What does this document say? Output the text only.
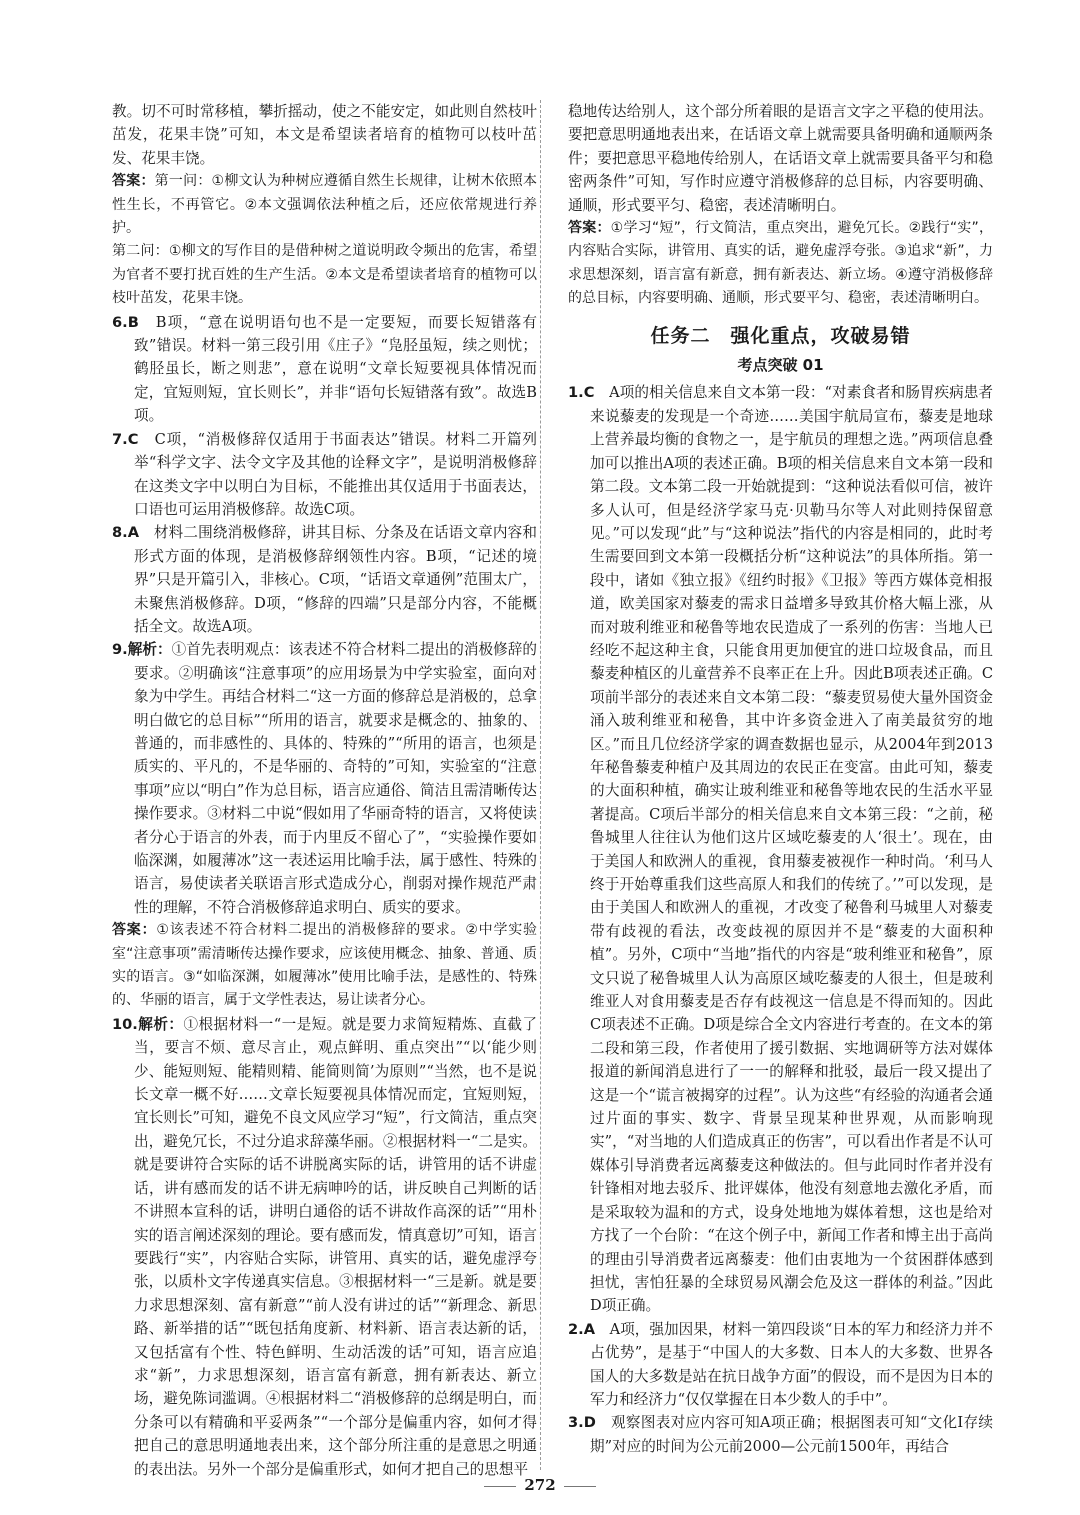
教。切不可时常移植，攀折摇动，使之不能安定，如此则自然枝叶茁发，花果丰饶”可知，本文是希望读者培育的植物可以枝叶茁发、花果丰饶。

答案：第一问：①柳文认为种树应遵循自然生长规律，让树木依照本性生长，不再管它。②本文强调依法种植之后，还应依常规进行养护。

第二问：①柳文的写作目的是借种树之道说明政令频出的危害，希望为官者不要打扰百姓的生产生活。②本文是希望读者培育的植物可以枝叶茁发，花果丰饶。

6.B　 B项，“意在说明语句也不是一定要短，而要长短错落有致”错误。材料一第三段引用《庄子》“凫胫虽短，续之则忧；鹤胫虽长，断之则悲”，意在说明“文章长短要视具体情况而定，宜短则短，宜长则长”，并非“语句长短错落有致”。故选B项。

7.C　 C项，“消极修辞仅适用于书面表达”错误。材料二开篇列举“科学文字、法令文字及其他的诠释文字”，是说明消极修辞在这类文字中以明白为目标，不能推出其仅适用于书面表达，口语也可运用消极修辞。故选C项。

8.A　 材料二围绕消极修辞，讲其目标、分条及在话语文章内容和形式方面的体现，是消极修辞纲领性内容。B项，“记述的境界”只是开篇引入，非核心。C项，“话语文章通例”范围太广，未聚焦消极修辞。D项，“修辞的四端”只是部分内容，不能概括全文。故选A项。

9.解析：①首先表明观点：该表述不符合材料二提出的消极修辞的要求。②明确该“注意事项”的应用场景为中学实验室，面向对象为中学生。再结合材料二“这一方面的修辞总是消极的，总拿明白做它的总目标”“所用的语言，就要求是概念的、抽象的、普通的，而非感性的、具体的、特殊的”“所用的语言，也须是质实的、平凡的，不是华丽的、奇特的”可知，实验室的“注意事项”应以“明白”作为总目标，语言应通俗、简洁且需清晰传达操作要求。③材料二中说“假如用了华丽奇特的语言，又将使读者分心于语言的外表，而于内里反不留心了”，“实验操作要如临深渊，如履薄冰”这一表述运用比喻手法，属于感性、特殊的语言，易使读者关联语言形式造成分心，削弱对操作规范严肃性的理解，不符合消极修辞追求明白、质实的要求。

答案：①该表述不符合材料二提出的消极修辞的要求。②中学实验室“注意事项”需清晰传达操作要求，应该使用概念、抽象、普通、质实的语言。③“如临深渊，如履薄冰”使用比喻手法，是感性的、特殊的、华丽的语言，属于文学性表达，易让读者分心。

10.解析：①根据材料一“一是短。就是要力求简短精炼、直截了当，要言不烦、意尽言止，观点鲜明、重点突出”“以‘能少则少、能短则短、能精则精、能简则简’为原则”“当然，也不是说长文章一概不好……文章长短要视具体情况而定，宜短则短，宜长则长”可知，避免不良文风应学习“短”，行文简洁，重点突出，避免冗长，不过分追求辞藻华丽。②根据材料一“二是实。就是要讲符合实际的话不讲脱离实际的话，讲管用的话不讲虚话，讲有感而发的话不讲无病呻吟的话，讲反映自己判断的话不讲照本宣科的话，讲明白通俗的话不讲故作高深的话”“用朴实的语言阐述深刻的理论。要有感而发，情真意切”可知，语言要践行“实”，内容贴合实际，讲管用、真实的话，避免虚浮夸张，以质朴文字传递真实信息。③根据材料一“三是新。就是要力求思想深刻、富有新意”“前人没有讲过的话”“新理念、新思路、新举措的话”“既包括角度新、材料新、语言表达新的话，又包括富有个性、特色鲜明、生动活泼的话”可知，语言应追求“新”，力求思想深刻，语言富有新意，拥有新表达、新立场，避免陈词滥调。④根据材料二“消极修辞的总纲是明白，而分条可以有精确和平妥两条”“一个部分是偏重内容，如何才得把自己的意思明通地表出来，这个部分所注重的是意思之明通的表出法。另外一个部分是偏重形式，如何才把自己的思想平

稳地传达给别人，这个部分所着眼的是语言文字之平稳的使用法。要把意思明通地表出来，在话语文章上就需要具备明确和通顺两条件；要把意思平稳地传给别人，在话语文章上就需要具备平匀和稳密两条件”可知，写作时应遵守消极修辞的总目标，内容要明确、通顺，形式要平匀、稳密，表述清晰明白。

答案：①学习“短”，行文简洁，重点突出，避免冗长。②践行“实”，内容贴合实际，讲管用、真实的话，避免虚浮夸张。③追求“新”，力求思想深刻，语言富有新意，拥有新表达、新立场。④遵守消极修辞的总目标，内容要明确、通顺，形式要平匀、稳密，表述清晰明白。

任务二　强化重点，攻破易错
考点突破 01

1.C　 A项的相关信息来自文本第一段：“对素食者和肠胃疾病患者来说藜麦的发现是一个奇迹……美国宇航局宣布，藜麦是地球上营养最均衡的食物之一，是宇航员的理想之选。”两项信息叠加可以推出A项的表述正确。B项的相关信息来自文本第一段和第二段。文本第二段一开始就提到：“这种说法看似可信，被许多人认可，但是经济学家马克·贝勒马尔等人对此则持保留意见。”可以发现“此”与“这种说法”指代的内容是相同的，此时考生需要回到文本第一段概括分析“这种说法”的具体所指。第一段中，诸如《独立报》《纽约时报》《卫报》等西方媒体竞相报道，欧美国家对藜麦的需求日益增多导致其价格大幅上涨，从而对玻利维亚和秘鲁等地农民造成了一系列的伤害：当地人已经吃不起这种主食，只能食用更加便宜的进口垃圾食品，而且藜麦种植区的儿童营养不良率正在上升。因此B项表述正确。C项前半部分的表述来自文本第二段：“藜麦贸易使大量外国资金涌入玻利维亚和秘鲁，其中许多资金进入了南美最贫穷的地区。”而且几位经济学家的调查数据也显示，从2004年到2013年秘鲁藜麦种植户及其周边的农民正在变富。由此可知，藜麦的大面积种植，确实让玻利维亚和秘鲁等地农民的生活水平显著提高。C项后半部分的相关信息来自文本第三段：“之前，秘鲁城里人往往认为他们这片区域吃藜麦的人‘很土’。现在，由于美国人和欧洲人的重视，食用藜麦被视作一种时尚。‘利马人终于开始尊重我们这些高原人和我们的传统了。’”可以发现，是由于美国人和欧洲人的重视，才改变了秘鲁利马城里人对藜麦带有歧视的看法，改变歧视的原因并不是“藜麦的大面积种植”。另外，C项中“当地”指代的内容是“玻利维亚和秘鲁”，原文只说了秘鲁城里人认为高原区域吃藜麦的人很土，但是玻利维亚人对食用藜麦是否存有歧视这一信息是不得而知的。因此C项表述不正确。D项是综合全文内容进行考查的。在文本的第二段和第三段，作者使用了援引数据、实地调研等方法对媒体报道的新闻消息进行了一一的解释和批驳，最后一段又提出了这是一个“谎言被揭穿的过程”。认为这些“有经验的沟通者会通过片面的事实、数字、背景呈现某种世界观，从而影响现实”，“对当地的人们造成真正的伤害”，可以看出作者是不认可媒体引导消费者远离藜麦这种做法的。但与此同时作者并没有针锋相对地去驳斥、批评媒体，他没有刻意地去激化矛盾，而是采取较为温和的方式，设身处地地为媒体着想，这也是给对方找了一个台阶：“在这个例子中，新闻工作者和博主出于高尚的理由引导消费者远离藜麦：他们由衷地为一个贫困群体感到担忧，害怕狂暴的全球贸易风潮会危及这一群体的利益。”因此D项正确。

2.A　 A项，强加因果，材料一第四段谈“日本的军力和经济力并不占优势”，是基于“中国人的大多数、日本人的大多数、世界各国人的大多数是站在抗日战争方面”的假设，而不是因为日本的军力和经济力“仅仅掌握在日本少数人的手中”。

3.D　 观察图表对应内容可知A项正确；根据图表可知“文化Ⅰ存续期”对应的时间为公元前2000—公元前1500年，再结合

272
